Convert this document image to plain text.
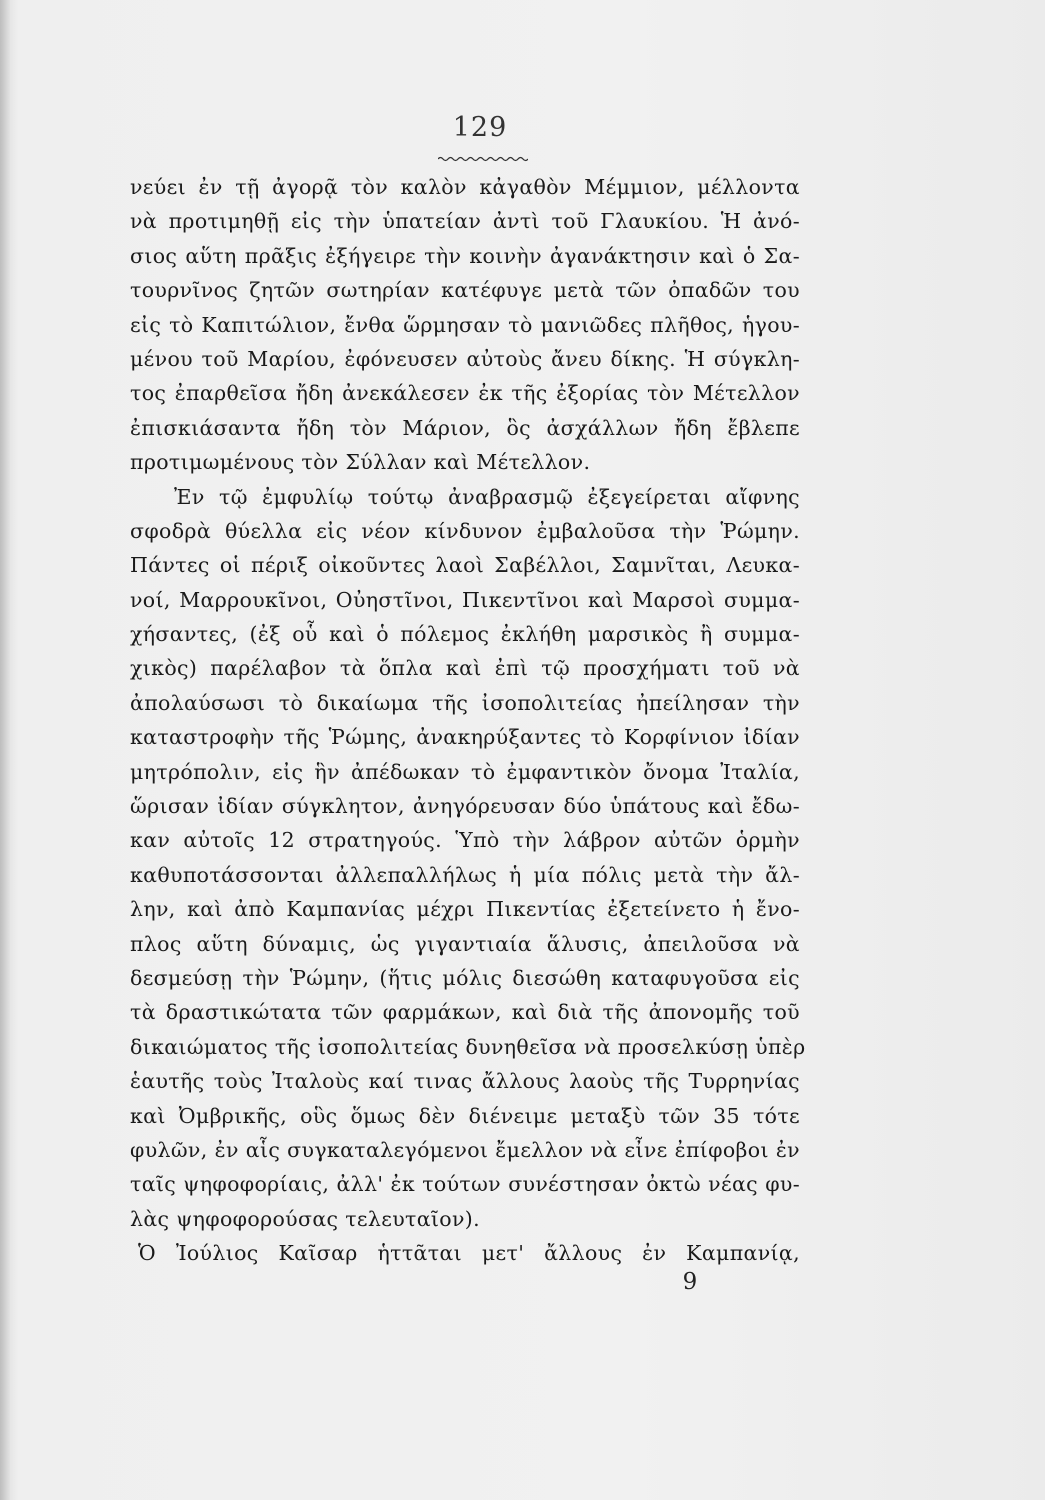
129
νεύει ἐν τῇ ἀγορᾷ τὸν καλὸν κἀγαθὸν Μέμμιον, μέλλοντα
νὰ προτιμηθῇ εἰς τὴν ὑπατείαν ἀντὶ τοῦ Γλαυκίου. Ἡ ἀνό-
σιος αὕτη πρᾶξις ἐξήγειρε τὴν κοινὴν ἀγανάκτησιν καὶ ὁ Σα-
τουρνῖνος ζητῶν σωτηρίαν κατέφυγε μετὰ τῶν ὀπαδῶν του
εἰς τὸ Καπιτώλιον, ἔνθα ὥρμησαν τὸ μανιῶδες πλῆθος, ἡγου-
μένου τοῦ Μαρίου, ἐφόνευσεν αὐτοὺς ἄνευ δίκης. Ἡ σύγκλη-
τος ἐπαρθεῖσα ἤδη ἀνεκάλεσεν ἐκ τῆς ἐξορίας τὸν Μέτελλον
ἐπισκιάσαντα ἤδη τὸν Μάριον, ὃς ἀσχάλλων ἤδη ἔβλεπε
προτιμωμένους τὸν Σύλλαν καὶ Μέτελλον.
Ἐν τῷ ἐμφυλίῳ τούτῳ ἀναβρασμῷ ἐξεγείρεται αἴφνης
σφοδρὰ θύελλα εἰς νέον κίνδυνον ἐμβαλοῦσα τὴν Ῥώμην.
Πάντες οἱ πέριξ οἰκοῦντες λαοὶ Σαβέλλοι, Σαμνῖται, Λευκα-
νοί, Μαρρουκῖνοι, Οὐηστῖνοι, Πικεντῖνοι καὶ Μαρσοὶ συμμα-
χήσαντες, (ἐξ οὗ καὶ ὁ πόλεμος ἐκλήθη μαρσικὸς ἢ συμμα-
χικὸς) παρέλαβον τὰ ὅπλα καὶ ἐπὶ τῷ προσχήματι τοῦ νὰ
ἀπολαύσωσι τὸ δικαίωμα τῆς ἰσοπολιτείας ἠπείλησαν τὴν
καταστροφὴν τῆς Ῥώμης, ἀνακηρύξαντες τὸ Κορφίνιον ἰδίαν
μητρόπολιν, εἰς ἣν ἀπέδωκαν τὸ ἐμφαντικὸν ὄνομα Ἰταλία,
ὥρισαν ἰδίαν σύγκλητον, ἀνηγόρευσαν δύο ὑπάτους καὶ ἔδω-
καν αὐτοῖς 12 στρατηγούς. Ὑπὸ τὴν λάβρον αὐτῶν ὁρμὴν
καθυποτάσσονται ἀλλεπαλλήλως ἡ μία πόλις μετὰ τὴν ἄλ-
λην, καὶ ἀπὸ Καμπανίας μέχρι Πικεντίας ἐξετείνετο ἡ ἔνο-
πλος αὕτη δύναμις, ὡς γιγαντιαία ἅλυσις, ἀπειλοῦσα νὰ
δεσμεύσῃ τὴν Ῥώμην, (ἥτις μόλις διεσώθη καταφυγοῦσα εἰς
τὰ δραστικώτατα τῶν φαρμάκων, καὶ διὰ τῆς ἀπονομῆς τοῦ
δικαιώματος τῆς ἰσοπολιτείας δυνηθεῖσα νὰ προσελκύσῃ ὑπὲρ
ἑαυτῆς τοὺς Ἰταλοὺς καί τινας ἄλλους λαοὺς τῆς Τυρρηνίας
καὶ Ὀμβρικῆς, οὓς ὅμως δὲν διένειμε μεταξὺ τῶν 35 τότε
φυλῶν, ἐν αἷς συγκαταλεγόμενοι ἔμελλον νὰ εἶνε ἐπίφοβοι ἐν
ταῖς ψηφοφορίαις, ἀλλ' ἐκ τούτων συνέστησαν ὀκτὼ νέας φυ-
λὰς ψηφοφορούσας τελευταῖον).
Ὁ Ἰούλιος Καῖσαρ ἡττᾶται μετ' ἄλλους ἐν Καμπανίᾳ,
9
